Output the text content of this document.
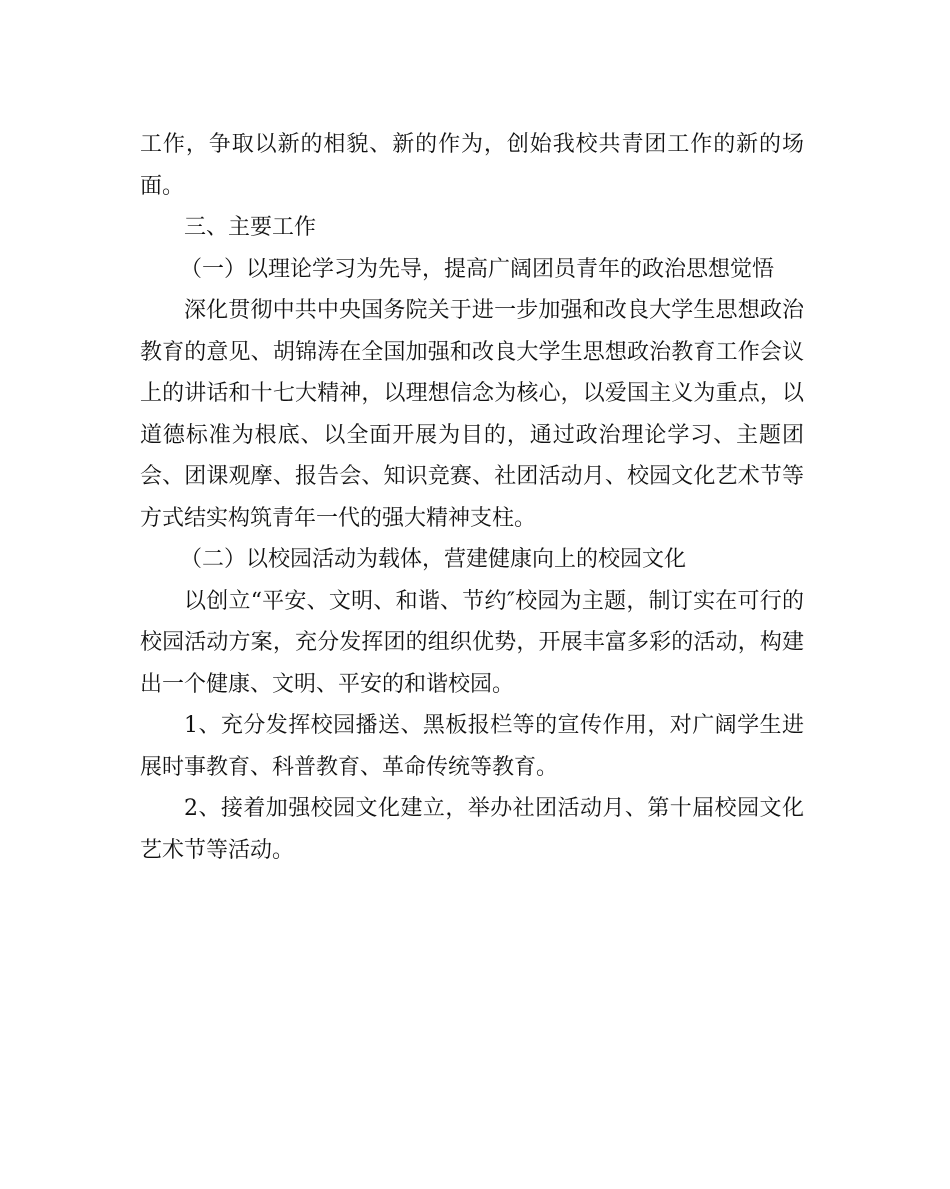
工作，争取以新的相貌、新的作为，创始我校共青团工作的新的场面。

三、主要工作

（一）以理论学习为先导，提高广阔团员青年的政治思想觉悟

深化贯彻中共中央国务院关于进一步加强和改良大学生思想政治教育的意见、胡锦涛在全国加强和改良大学生思想政治教育工作会议上的讲话和十七大精神，以理想信念为核心，以爱国主义为重点，以道德标准为根底、以全面开展为目的，通过政治理论学习、主题团会、团课观摩、报告会、知识竞赛、社团活动月、校园文化艺术节等方式结实构筑青年一代的强大精神支柱。

（二）以校园活动为载体，营建健康向上的校园文化

以创立“平安、文明、和谐、节约″校园为主题，制订实在可行的校园活动方案，充分发挥团的组织优势，开展丰富多彩的活动，构建出一个健康、文明、平安的和谐校园。

1、充分发挥校园播送、黑板报栏等的宣传作用，对广阔学生进展时事教育、科普教育、革命传统等教育。

2、接着加强校园文化建立，举办社团活动月、第十届校园文化艺术节等活动。
